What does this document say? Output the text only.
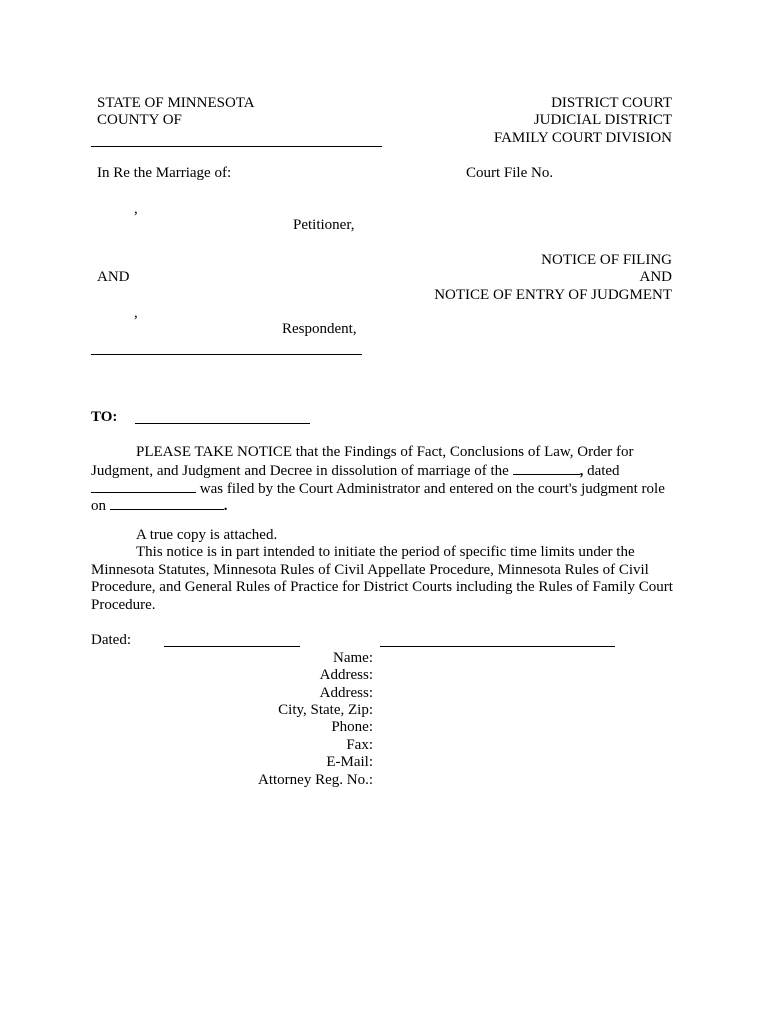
STATE OF MINNESOTA
COUNTY OF
DISTRICT COURT
JUDICIAL DISTRICT
FAMILY COURT DIVISION
In Re the Marriage of:	Court File No.
,
Petitioner,
NOTICE OF FILING
AND	AND
NOTICE OF ENTRY OF JUDGMENT
,
Respondent,
TO:
PLEASE TAKE NOTICE that the Findings of Fact, Conclusions of Law, Order for
Judgment, and Judgment and Decree in dissolution of marriage of the	, dated
was filed by the Court Administrator and entered on the court's judgment role
on	.
A true copy is attached.
This notice is in part intended to initiate the period of specific time limits under the
Minnesota Statutes, Minnesota Rules of Civil Appellate Procedure, Minnesota Rules of Civil
Procedure, and General Rules of Practice for District Courts including the Rules of Family Court
Procedure.
Dated:
Name:
Address:
Address:
City, State, Zip:
Phone:
Fax:
E-Mail:
Attorney Reg. No.:
